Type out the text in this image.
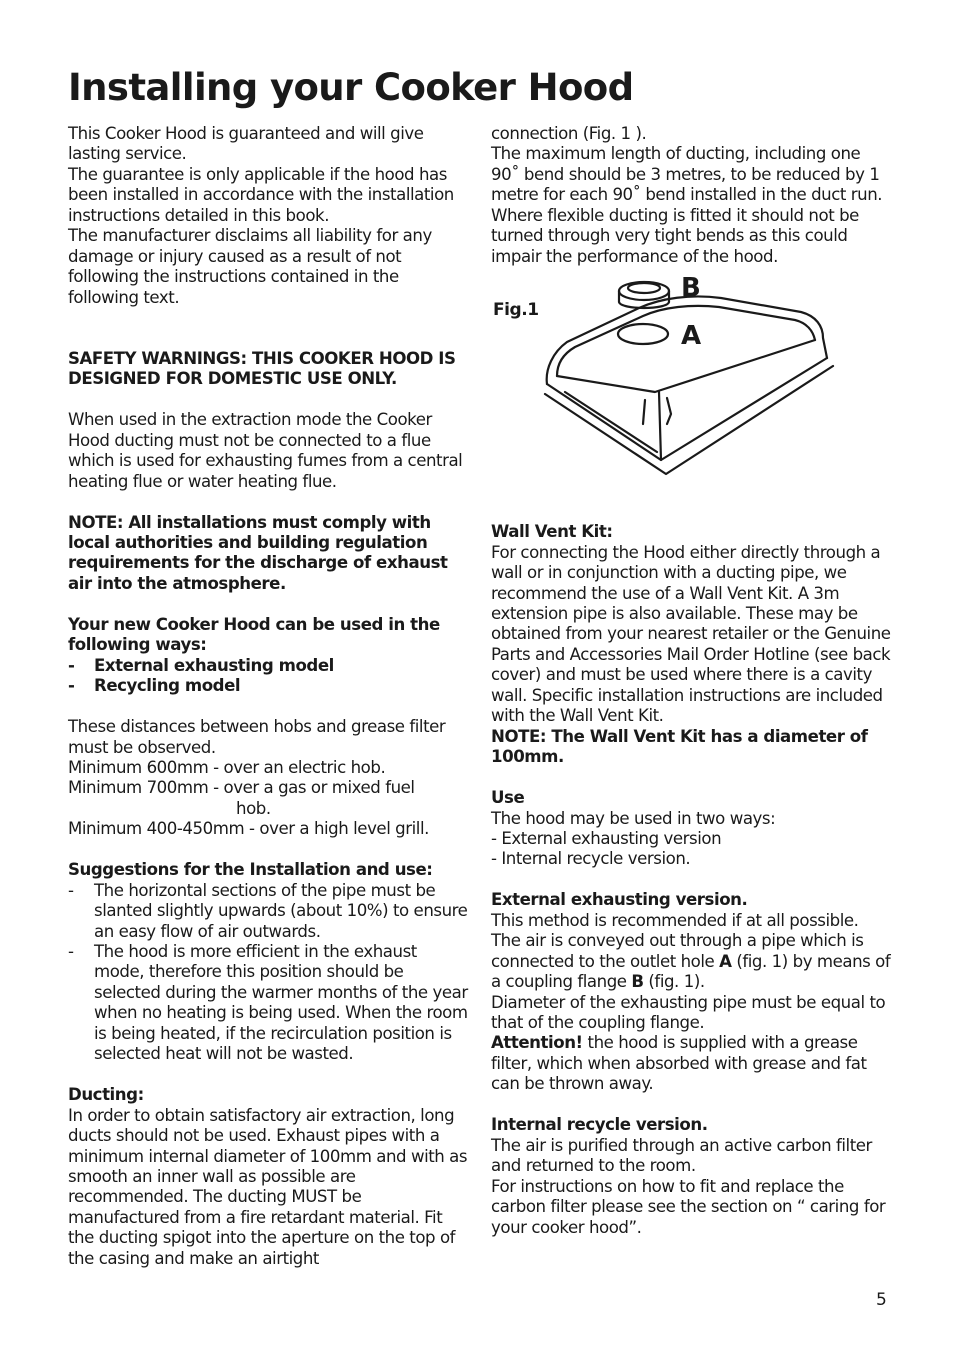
Installing your Cooker Hood

This Cooker Hood is guaranteed and will give lasting service.

The guarantee is only applicable if the hood has been installed in accordance with the installation instructions detailed in this book.

The manufacturer disclaims all liability for any damage or injury caused as a result of not following the instructions contained in the following text.

SAFETY WARNINGS: THIS COOKER HOOD IS

DESIGNED FOR DOMESTIC USE ONLY.

When used in the extraction mode the Cooker Hood ducting must not be connected to a flue which is used for exhausting fumes from a central heating flue or water heating flue.

NOTE: All installations must comply with local authorities and building regulation requirements for the discharge of exhaust air into the atmosphere.

Your new Cooker Hood can be used in the following ways:

- External exhausting model

- Recycling model

These distances between hobs and grease filter must be observed.

Minimum 600mm - over an electric hob.

Minimum 700mm - over a gas or mixed fuel

hob.

Minimum 400-450mm - over a high level grill.

Suggestions for the Installation and use:

- The horizontal sections of the pipe must be slanted slightly upwards (about 10%) to ensure an easy flow of air outwards.

- The hood is more efficient in the exhaust mode, therefore this position should be selected during the warmer months of the year when no heating is being used. When the room is being heated, if the recirculation position is selected heat will not be wasted.

Ducting:

In order to obtain satisfactory air extraction, long ducts should not be used. Exhaust pipes with a minimum internal diameter of 100mm and with as smooth an inner wall as possible are recommended. The ducting MUST be manufactured from a fire retardant material. Fit the ducting spigot into the aperture on the top of the casing and make an airtight

connection (Fig. 1 ).

The maximum length of ducting, including one 90˚ bend should be 3 metres, to be reduced by 1 metre for each 90˚ bend installed in the duct run.

Where flexible ducting is fitted it should not be turned through very tight bends as this could impair the performance of the hood.

Fig.1
B
A

Wall Vent Kit:

For connecting the Hood either directly through a wall or in conjunction with a ducting pipe, we recommend the use of a Wall Vent Kit. A 3m extension pipe is also available. These may be obtained from your nearest retailer or the Genuine Parts and Accessories Mail Order Hotline (see back cover) and must be used where there is a cavity wall. Specific installation instructions are included with the Wall Vent Kit.

NOTE: The Wall Vent Kit has a diameter of 100mm.

Use

The hood may be used in two ways:

- External exhausting version

- Internal recycle version.

External exhausting version.

This method is recommended if at all possible. The air is conveyed out through a pipe which is connected to the outlet hole A (fig. 1) by means of a coupling flange B (fig. 1).

Diameter of the exhausting pipe must be equal to that of the coupling flange.

Attention! the hood is supplied with a grease filter, which when absorbed with grease and fat can be thrown away.

Internal recycle version.

The air is purified through an active carbon filter and returned to the room.

For instructions on how to fit and replace the carbon filter please see the section on “ caring for your cooker hood”.

5
